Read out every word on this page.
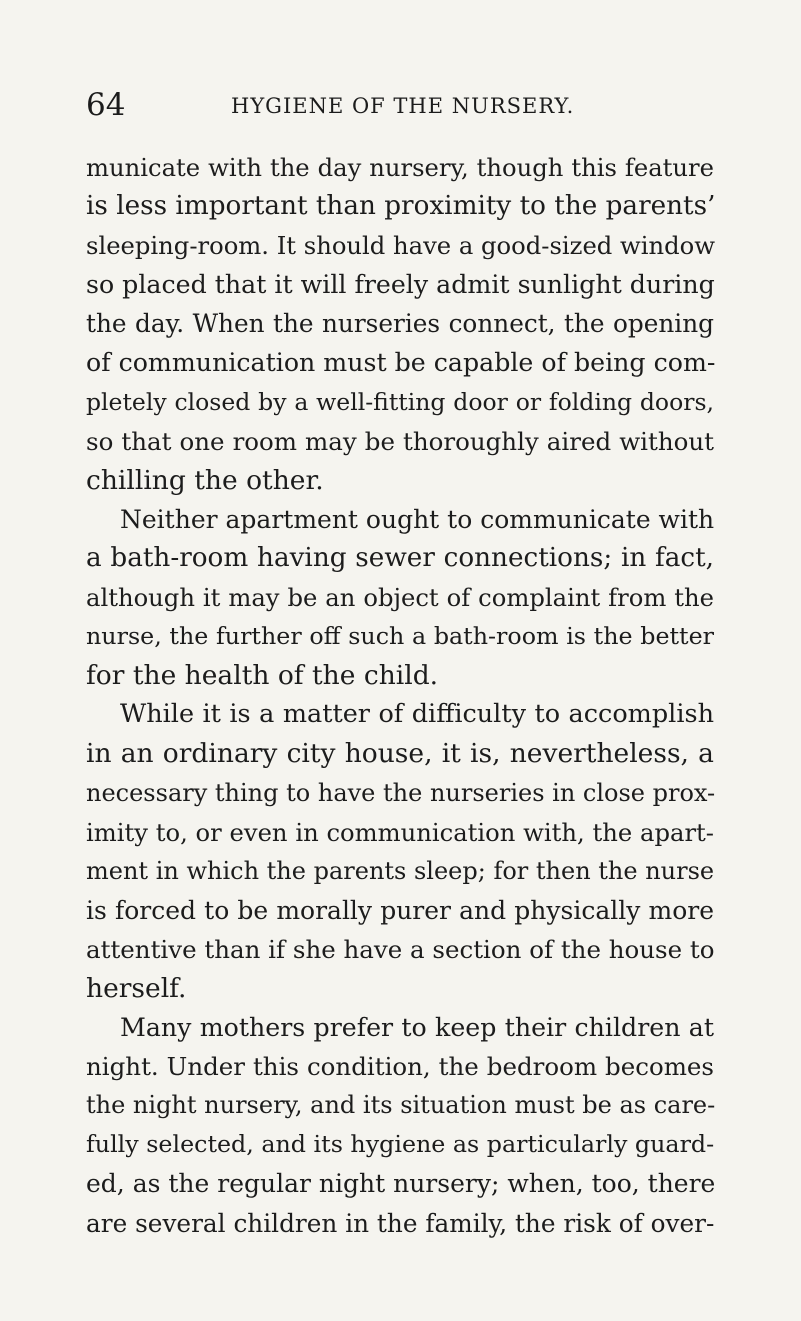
64	HYGIENE OF THE NURSERY.
municate with the day nursery, though this feature
is less important than proximity to the parents’
sleeping-room. It should have a good-sized window
so placed that it will freely admit sunlight during
the day. When the nurseries connect, the opening
of communication must be capable of being com-
pletely closed by a well-fitting door or folding doors,
so that one room may be thoroughly aired without
chilling the other.
Neither apartment ought to communicate with
a bath-room having sewer connections; in fact,
although it may be an object of complaint from the
nurse, the further off such a bath-room is the better
for the health of the child.
While it is a matter of difficulty to accomplish
in an ordinary city house, it is, nevertheless, a
necessary thing to have the nurseries in close prox-
imity to, or even in communication with, the apart-
ment in which the parents sleep; for then the nurse
is forced to be morally purer and physically more
attentive than if she have a section of the house to
herself.
Many mothers prefer to keep their children at
night. Under this condition, the bedroom becomes
the night nursery, and its situation must be as care-
fully selected, and its hygiene as particularly guard-
ed, as the regular night nursery; when, too, there
are several children in the family, the risk of over-
